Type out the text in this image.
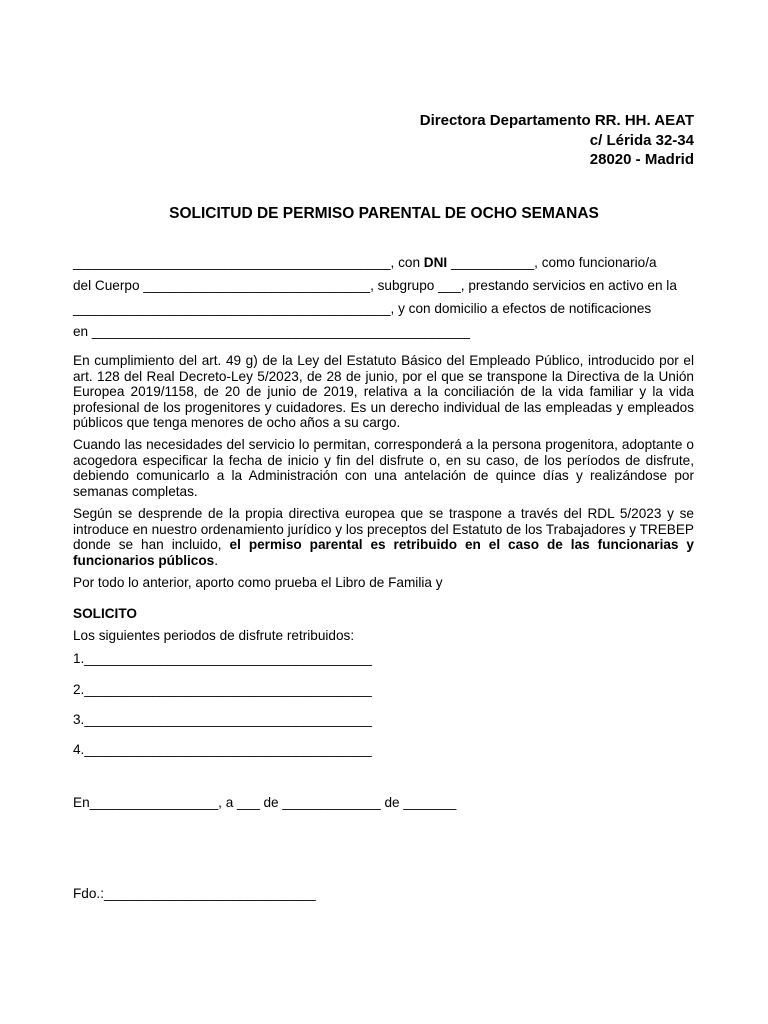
Directora Departamento RR. HH. AEAT
c/ Lérida 32-34
28020 - Madrid
SOLICITUD DE PERMISO PARENTAL DE OCHO SEMANAS
__________________________________________, con DNI ___________, como funcionario/a
del Cuerpo ______________________________, subgrupo ___, prestando servicios en activo en la
__________________________________________, y con domicilio a efectos de notificaciones
en __________________________________________________
En cumplimiento del art. 49 g) de la Ley del Estatuto Básico del Empleado Público, introducido por el art. 128 del Real Decreto-Ley 5/2023, de 28 de junio, por el que se transpone la Directiva de la Unión Europea 2019/1158, de 20 de junio de 2019, relativa a la conciliación de la vida familiar y la vida profesional de los progenitores y cuidadores. Es un derecho individual de las empleadas y empleados públicos que tenga menores de ocho años a su cargo.
Cuando las necesidades del servicio lo permitan, corresponderá a la persona progenitora, adoptante o acogedora especificar la fecha de inicio y fin del disfrute o, en su caso, de los períodos de disfrute, debiendo comunicarlo a la Administración con una antelación de quince días y realizándose por semanas completas.
Según se desprende de la propia directiva europea que se traspone a través del RDL 5/2023 y se introduce en nuestro ordenamiento jurídico y los preceptos del Estatuto de los Trabajadores y TREBEP donde se han incluido, el permiso parental es retribuido en el caso de las funcionarias y funcionarios públicos.
Por todo lo anterior, aporto como prueba el Libro de Familia y
SOLICITO
Los siguientes periodos de disfrute retribuidos:
1.______________________________________
2.______________________________________
3.______________________________________
4.______________________________________
En_________________, a ___ de _____________ de _______
Fdo.:____________________________
